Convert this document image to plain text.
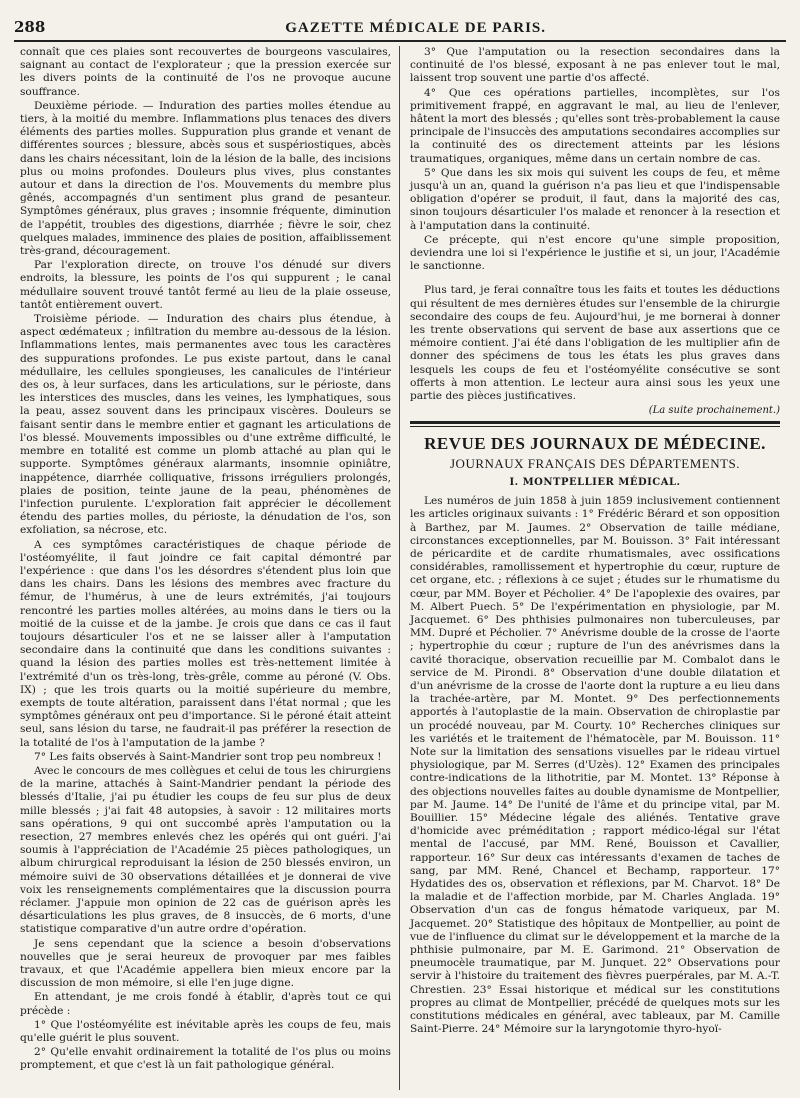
288	GAZETTE MÉDICALE DE PARIS.

connaît que ces plaies sont recouvertes de bourgeons vasculaires, saignant au contact de l'explorateur ; que la pression exercée sur les divers points de la continuité de l'os ne provoque aucune souffrance.

Deuxième période. — Induration des parties molles étendue au tiers, à la moitié du membre. Inflammations plus tenaces des divers éléments des parties molles. Suppuration plus grande et venant de différentes sources ; blessure, abcès sous et suspériostiques, abcès dans les chairs nécessitant, loin de la lésion de la balle, des incisions plus ou moins profondes. Douleurs plus vives, plus constantes autour et dans la direction de l'os. Mouvements du membre plus gênés, accompagnés d'un sentiment plus grand de pesanteur. Symptômes généraux, plus graves ; insomnie fréquente, diminution de l'appétit, troubles des digestions, diarrhée ; fièvre le soir, chez quelques malades, imminence des plaies de position, affaiblissement très-grand, découragement.

Par l'exploration directe, on trouve l'os dénudé sur divers endroits, la blessure, les points de l'os qui suppurent ; le canal médullaire souvent trouvé tantôt fermé au lieu de la plaie osseuse, tantôt entièrement ouvert.

Troisième période. — Induration des chairs plus étendue, à aspect œdémateux ; infiltration du membre au-dessous de la lésion. Inflammations lentes, mais permanentes avec tous les caractères des suppurations profondes. Le pus existe partout, dans le canal médullaire, les cellules spongieuses, les canalicules de l'intérieur des os, à leur surfaces, dans les articulations, sur le périoste, dans les interstices des muscles, dans les veines, les lymphatiques, sous la peau, assez souvent dans les principaux viscères. Douleurs se faisant sentir dans le membre entier et gagnant les articulations de l'os blessé. Mouvements impossibles ou d'une extrême difficulté, le membre en totalité est comme un plomb attaché au plan qui le supporte. Symptômes généraux alarmants, insomnie opiniâtre, inappétence, diarrhée colliquative, frissons irréguliers prolongés, plaies de position, teinte jaune de la peau, phénomènes de l'infection purulente. L'exploration fait apprécier le décollement étendu des parties molles, du périoste, la dénudation de l'os, son exfoliation, sa nécrose, etc.

A ces symptômes caractéristiques de chaque période de l'ostéomyélite, il faut joindre ce fait capital démontré par l'expérience : que dans l'os les désordres s'étendent plus loin que dans les chairs. Dans les lésions des membres avec fracture du fémur, de l'humérus, à une de leurs extrémités, j'ai toujours rencontré les parties molles altérées, au moins dans le tiers ou la moitié de la cuisse et de la jambe. Je crois que dans ce cas il faut toujours désarticuler l'os et ne se laisser aller à l'amputation secondaire dans la continuité que dans les conditions suivantes : quand la lésion des parties molles est très-nettement limitée à l'extrémité d'un os très-long, très-grêle, comme au péroné (V. Obs. IX) ; que les trois quarts ou la moitié supérieure du membre, exempts de toute altération, paraissent dans l'état normal ; que les symptômes généraux ont peu d'importance. Si le péroné était atteint seul, sans lésion du tarse, ne faudrait-il pas préférer la resection de la totalité de l'os à l'amputation de la jambe ?

7° Les faits observés à Saint-Mandrier sont trop peu nombreux !

Avec le concours de mes collègues et celui de tous les chirurgiens de la marine, attachés à Saint-Mandrier pendant la période des blessés d'Italie, j'ai pu étudier les coups de feu sur plus de deux mille blessés ; j'ai fait 48 autopsies, à savoir : 12 militaires morts sans opérations, 9 qui ont succombé après l'amputation ou la resection, 27 membres enlevés chez les opérés qui ont guéri. J'ai soumis à l'appréciation de l'Académie 25 pièces pathologiques, un album chirurgical reproduisant la lésion de 250 blessés environ, un mémoire suivi de 30 observations détaillées et je donnerai de vive voix les renseignements complémentaires que la discussion pourra réclamer. J'appuie mon opinion de 22 cas de guérison après les désarticulations les plus graves, de 8 insuccès, de 6 morts, d'une statistique comparative d'un autre ordre d'opération.

Je sens cependant que la science a besoin d'observations nouvelles que je serai heureux de provoquer par mes faibles travaux, et que l'Académie appellera bien mieux encore par la discussion de mon mémoire, si elle l'en juge digne.

En attendant, je me crois fondé à établir, d'après tout ce qui précède :

1° Que l'ostéomyélite est inévitable après les coups de feu, mais qu'elle guérit le plus souvent.

2° Qu'elle envahit ordinairement la totalité de l'os plus ou moins promptement, et que c'est là un fait pathologique général.

3° Que l'amputation ou la resection secondaires dans la continuité de l'os blessé, exposant à ne pas enlever tout le mal, laissent trop souvent une partie d'os affecté.

4° Que ces opérations partielles, incomplètes, sur l'os primitivement frappé, en aggravant le mal, au lieu de l'enlever, hâtent la mort des blessés ; qu'elles sont très-probablement la cause principale de l'insuccès des amputations secondaires accomplies sur la continuité des os directement atteints par les lésions traumatiques, organiques, même dans un certain nombre de cas.

5° Que dans les six mois qui suivent les coups de feu, et même jusqu'à un an, quand la guérison n'a pas lieu et que l'indispensable obligation d'opérer se produit, il faut, dans la majorité des cas, sinon toujours désarticuler l'os malade et renoncer à la resection et à l'amputation dans la continuité.

Ce précepte, qui n'est encore qu'une simple proposition, deviendra une loi si l'expérience le justifie et si, un jour, l'Académie le sanctionne.

Plus tard, je ferai connaître tous les faits et toutes les déductions qui résultent de mes dernières études sur l'ensemble de la chirurgie secondaire des coups de feu. Aujourd'hui, je me bornerai à donner les trente observations qui servent de base aux assertions que ce mémoire contient. J'ai été dans l'obligation de les multiplier afin de donner des spécimens de tous les états les plus graves dans lesquels les coups de feu et l'ostéomyélite consécutive se sont offerts à mon attention. Le lecteur aura ainsi sous les yeux une partie des pièces justificatives.

(La suite prochainement.)

REVUE DES JOURNAUX DE MÉDECINE.
JOURNAUX FRANÇAIS DES DÉPARTEMENTS.
I. MONTPELLIER MÉDICAL.

Les numéros de juin 1858 à juin 1859 inclusivement contiennent les articles originaux suivants : 1° Frédéric Bérard et son opposition à Barthez, par M. Jaumes. 2° Observation de taille médiane, circonstances exceptionnelles, par M. Bouisson. 3° Fait intéressant de péricardite et de cardite rhumatismales, avec ossifications considérables, ramollissement et hypertrophie du cœur, rupture de cet organe, etc. ; réflexions à ce sujet ; études sur le rhumatisme du cœur, par MM. Boyer et Pécholier. 4° De l'apoplexie des ovaires, par M. Albert Puech. 5° De l'expérimentation en physiologie, par M. Jacquemet. 6° Des phthisies pulmonaires non tuberculeuses, par MM. Dupré et Pécholier. 7° Anévrisme double de la crosse de l'aorte ; hypertrophie du cœur ; rupture de l'un des anévrismes dans la cavité thoracique, observation recueillie par M. Combalot dans le service de M. Pirondi. 8° Observation d'une double dilatation et d'un anévrisme de la crosse de l'aorte dont la rupture a eu lieu dans la trachée-artère, par M. Montet. 9° Des perfectionnements apportés à l'autoplastie de la main. Observation de chiroplastie par un procédé nouveau, par M. Courty. 10° Recherches cliniques sur les variétés et le traitement de l'hématocèle, par M. Bouisson. 11° Note sur la limitation des sensations visuelles par le rideau virtuel physiologique, par M. Serres (d'Uzès). 12° Examen des principales contre-indications de la lithotritie, par M. Montet. 13° Réponse à des objections nouvelles faites au double dynamisme de Montpellier, par M. Jaume. 14° De l'unité de l'âme et du principe vital, par M. Bouillier. 15° Médecine légale des aliénés. Tentative grave d'homicide avec préméditation ; rapport médico-légal sur l'état mental de l'accusé, par MM. René, Bouisson et Cavallier, rapporteur. 16° Sur deux cas intéressants d'examen de taches de sang, par MM. René, Chancel et Bechamp, rapporteur. 17° Hydatides des os, observation et réflexions, par M. Charvot. 18° De la maladie et de l'affection morbide, par M. Charles Anglada. 19° Observation d'un cas de fongus hématode variqueux, par M. Jacquemet. 20° Statistique des hôpitaux de Montpellier, au point de vue de l'influence du climat sur le développement et la marche de la phthisie pulmonaire, par M. E. Garimond. 21° Observation de pneumocèle traumatique, par M. Junquet. 22° Observations pour servir à l'histoire du traitement des fièvres puerpérales, par M. A.-T. Chrestien. 23° Essai historique et médical sur les constitutions propres au climat de Montpellier, précédé de quelques mots sur les constitutions médicales en général, avec tableaux, par M. Camille Saint-Pierre. 24° Mémoire sur la laryngotomie thyro-hyoï-
